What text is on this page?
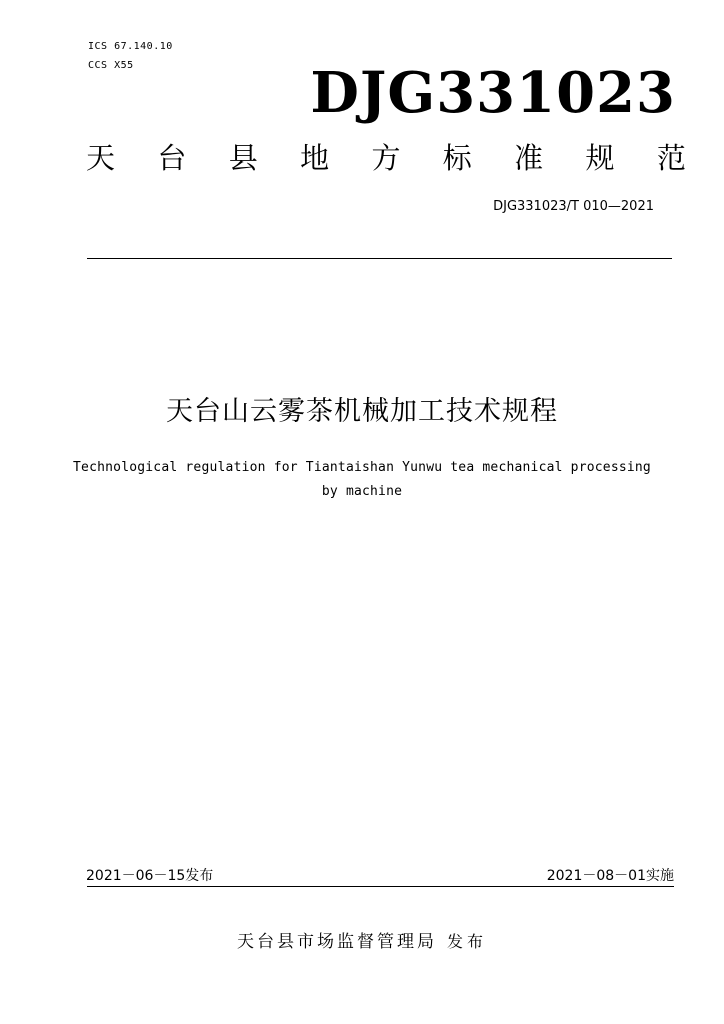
ICS 67.140.10
CCS X55	DJG331023
天 台 县 地 方 标 准 规 范
DJG331023/T 010—2021
天台山云雾茶机械加工技术规程
Technological regulation for Tiantaishan Yunwu tea mechanical processing
by machine
2021－06－15发布	2021－08－01实施
天台县市场监督管理局 发布
